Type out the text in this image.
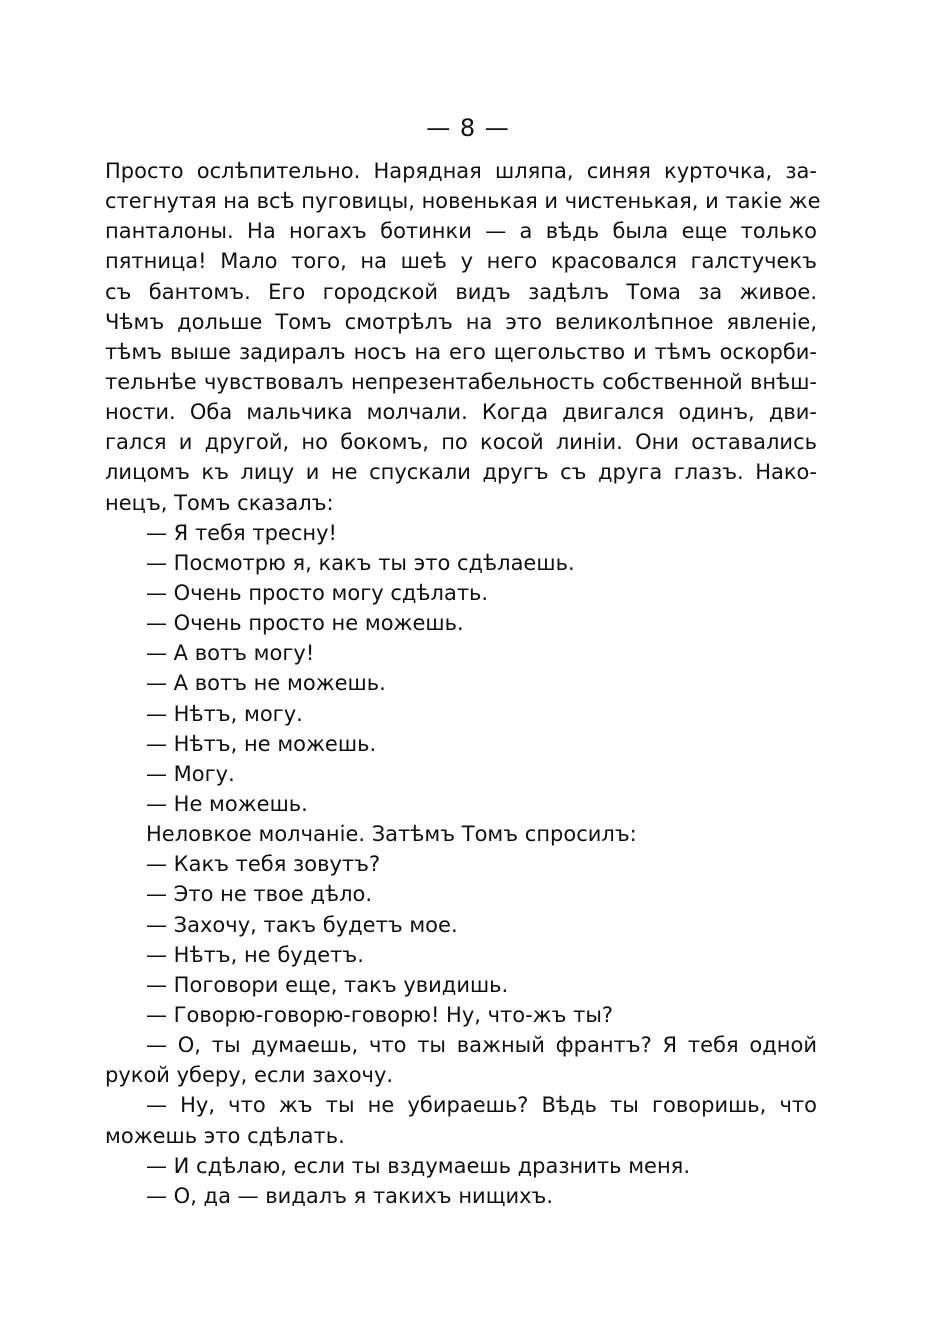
— 8 —
Просто ослѣпительно. Нарядная шляпа, синяя курточка, за-
стегнутая на всѣ пуговицы, новенькая и чистенькая, и такіе же
панталоны. На ногахъ ботинки — а вѣдь была еще только
пятница! Мало того, на шеѣ у него красовался галстучекъ
съ бантомъ. Его городской видъ задѣлъ Тома за живое.
Чѣмъ дольше Томъ смотрѣлъ на это великолѣпное явленіе,
тѣмъ выше задиралъ носъ на его щегольство и тѣмъ оскорби-
тельнѣе чувствовалъ непрезентабельность собственной внѣш-
ности. Оба мальчика молчали. Когда двигался одинъ, дви-
гался и другой, но бокомъ, по косой линіи. Они оставались
лицомъ къ лицу и не спускали другъ съ друга глазъ. Нако-
нецъ, Томъ сказалъ:
— Я тебя тресну!
— Посмотрю я, какъ ты это сдѣлаешь.
— Очень просто могу сдѣлать.
— Очень просто не можешь.
— А вотъ могу!
— А вотъ не можешь.
— Нѣтъ, могу.
— Нѣтъ, не можешь.
— Могу.
— Не можешь.
Неловкое молчаніе. Затѣмъ Томъ спросилъ:
— Какъ тебя зовутъ?
— Это не твое дѣло.
— Захочу, такъ будетъ мое.
— Нѣтъ, не будетъ.
— Поговори еще, такъ увидишь.
— Говорю-говорю-говорю! Ну, что-жъ ты?
— О, ты думаешь, что ты важный франтъ? Я тебя одной
рукой уберу, если захочу.
— Ну, что жъ ты не убираешь? Вѣдь ты говоришь, что
можешь это сдѣлать.
— И сдѣлаю, если ты вздумаешь дразнить меня.
— О, да — видалъ я такихъ нищихъ.
